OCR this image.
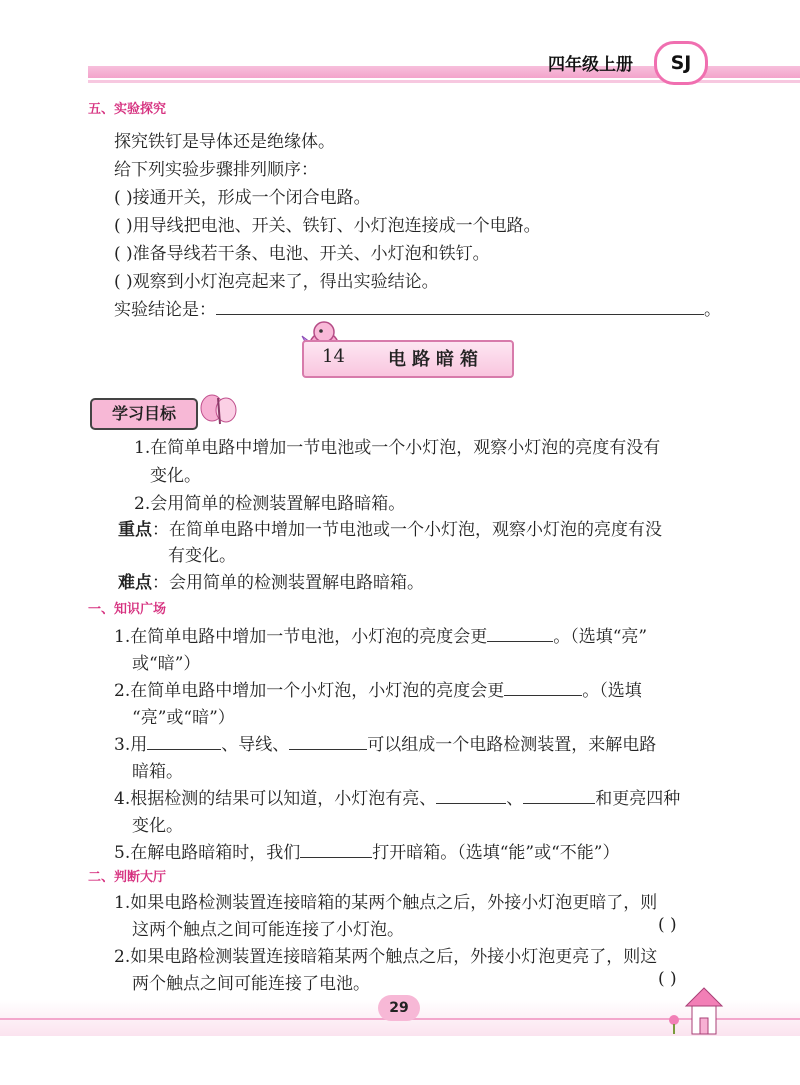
四年级上册	SJ
五、实验探究
探究铁钉是导体还是绝缘体。
给下列实验步骤排列顺序：
( )接通开关，形成一个闭合电路。
( )用导线把电池、开关、铁钉、小灯泡连接成一个电路。
( )准备导线若干条、电池、开关、小灯泡和铁钉。
( )观察到小灯泡亮起来了，得出实验结论。
实验结论是：	。
14 电路暗箱
学习目标
1.在简单电路中增加一节电池或一个小灯泡，观察小灯泡的亮度有没有
变化。
2.会用简单的检测装置解电路暗箱。
重点：在简单电路中增加一节电池或一个小灯泡，观察小灯泡的亮度有没
有变化。
难点：会用简单的检测装置解电路暗箱。
一、知识广场
1.在简单电路中增加一节电池，小灯泡的亮度会更	。（选填“亮”
或“暗”）
2.在简单电路中增加一个小灯泡，小灯泡的亮度会更	。（选填
“亮”或“暗”）
3.用	、导线、	可以组成一个电路检测装置，来解电路
暗箱。
4.根据检测的结果可以知道，小灯泡有亮、	、	和更亮四种
变化。
5.在解电路暗箱时，我们	打开暗箱。（选填“能”或“不能”）
二、判断大厅
1.如果电路检测装置连接暗箱的某两个触点之后，外接小灯泡更暗了，则
这两个触点之间可能连接了小灯泡。	( )
2.如果电路检测装置连接暗箱某两个触点之后，外接小灯泡更亮了，则这
两个触点之间可能连接了电池。	( )
29
